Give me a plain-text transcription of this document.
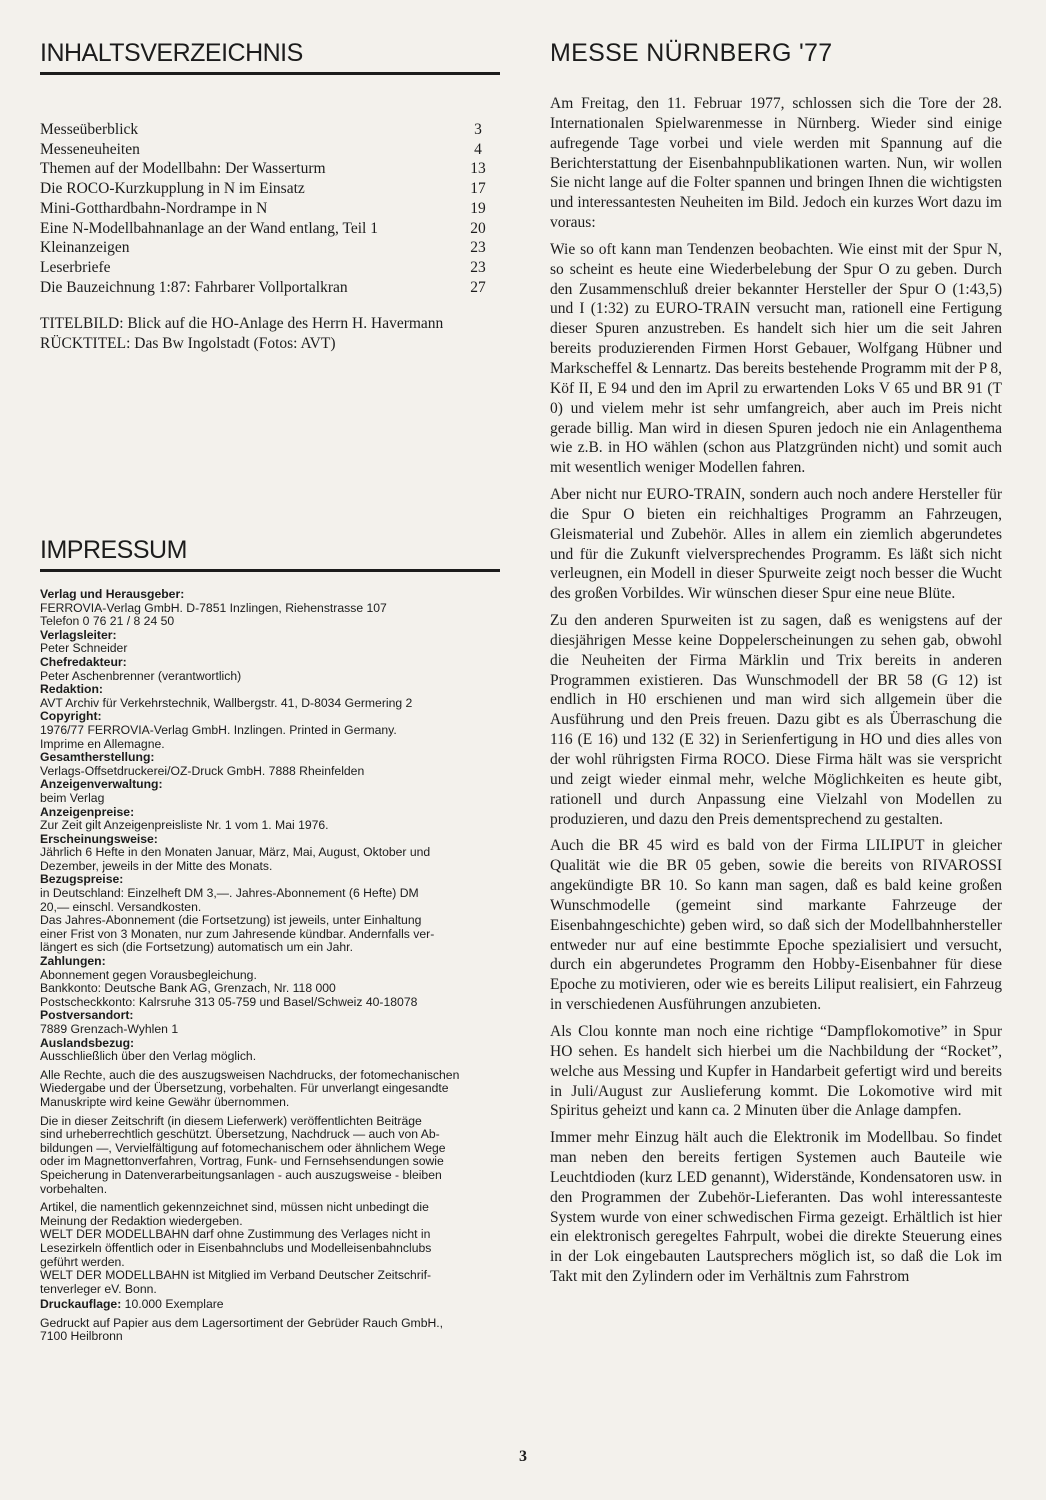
INHALTSVERZEICHNIS
Messeüberblick	3
Messeneuheiten	4
Themen auf der Modellbahn: Der Wasserturm	13
Die ROCO-Kurzkupplung in N im Einsatz	17
Mini-Gotthardbahn-Nordrampe in N	19
Eine N-Modellbahnanlage an der Wand entlang, Teil 1	20
Kleinanzeigen	23
Leserbriefe	23
Die Bauzeichnung 1:87: Fahrbarer Vollportalkran	27
TITELBILD: Blick auf die HO-Anlage des Herrn H. Havermann
RÜCKTITEL: Das Bw Ingolstadt (Fotos: AVT)
IMPRESSUM
Verlag und Herausgeber:
FERROVIA-Verlag GmbH. D-7851 Inzlingen, Riehenstrasse 107
Telefon 0 76 21 / 8 24 50
Verlagsleiter:
Peter Schneider
Chefredakteur:
Peter Aschenbrenner (verantwortlich)
Redaktion:
AVT Archiv für Verkehrstechnik, Wallbergstr. 41, D-8034 Germering 2
Copyright:
1976/77 FERROVIA-Verlag GmbH. Inzlingen. Printed in Germany.
Imprime en Allemagne.
Gesamtherstellung:
Verlags-Offsetdruckerei/OZ-Druck GmbH. 7888 Rheinfelden
Anzeigenverwaltung:
beim Verlag
Anzeigenpreise:
Zur Zeit gilt Anzeigenpreisliste Nr. 1 vom 1. Mai 1976.
Erscheinungsweise:
Jährlich 6 Hefte in den Monaten Januar, März, Mai, August, Oktober und
Dezember, jeweils in der Mitte des Monats.
Bezugspreise:
in Deutschland: Einzelheft DM 3,—. Jahres-Abonnement (6 Hefte) DM
20,— einschl. Versandkosten.
Das Jahres-Abonnement (die Fortsetzung) ist jeweils, unter Einhaltung
einer Frist von 3 Monaten, nur zum Jahresende kündbar. Andernfalls ver-
längert es sich (die Fortsetzung) automatisch um ein Jahr.
Zahlungen:
Abonnement gegen Vorausbegleichung.
Bankkonto: Deutsche Bank AG, Grenzach, Nr. 118 000
Postscheckkonto: Kalrsruhe 313 05-759 und Basel/Schweiz 40-18078
Postversandort:
7889 Grenzach-Wyhlen 1
Auslandsbezug:
Ausschließlich über den Verlag möglich.
Alle Rechte, auch die des auszugsweisen Nachdrucks, der fotomechanischen
Wiedergabe und der Übersetzung, vorbehalten. Für unverlangt eingesandte
Manuskripte wird keine Gewähr übernommen.
Die in dieser Zeitschrift (in diesem Lieferwerk) veröffentlichten Beiträge
sind urheberrechtlich geschützt. Übersetzung, Nachdruck — auch von Ab-
bildungen —, Vervielfältigung auf fotomechanischem oder ähnlichem Wege
oder im Magnettonverfahren, Vortrag, Funk- und Fernsehsendungen sowie
Speicherung in Datenverarbeitungsanlagen - auch auszugsweise - bleiben
vorbehalten.
Artikel, die namentlich gekennzeichnet sind, müssen nicht unbedingt die
Meinung der Redaktion wiedergeben.
WELT DER MODELLBAHN darf ohne Zustimmung des Verlages nicht in
Lesezirkeln öffentlich oder in Eisenbahnclubs und Modelleisenbahnclubs
geführt werden.
WELT DER MODELLBAHN ist Mitglied im Verband Deutscher Zeitschrif-
tenverleger eV. Bonn.
Druckauflage: 10.000 Exemplare
Gedruckt auf Papier aus dem Lagersortiment der Gebrüder Rauch GmbH.,
7100 Heilbronn
MESSE NÜRNBERG '77

Am Freitag, den 11. Februar 1977, schlossen sich die Tore der 28. Internationalen Spielwarenmesse in Nürnberg. Wieder sind einige aufregende Tage vorbei und viele werden mit Spannung auf die Berichterstattung der Eisenbahnpublikationen warten. Nun, wir wollen Sie nicht lange auf die Folter spannen und bringen Ihnen die wichtigsten und interessantesten Neuheiten im Bild. Jedoch ein kurzes Wort dazu im voraus:

Wie so oft kann man Tendenzen beobachten. Wie einst mit der Spur N, so scheint es heute eine Wiederbelebung der Spur O zu geben. Durch den Zusammenschluß dreier bekannter Hersteller der Spur O (1:43,5) und I (1:32) zu EURO-TRAIN versucht man, rationell eine Fertigung dieser Spuren anzustreben. Es handelt sich hier um die seit Jahren bereits produzierenden Firmen Horst Gebauer, Wolfgang Hübner und Markscheffel & Lennartz. Das bereits bestehende Programm mit der P 8, Köf II, E 94 und den im April zu erwartenden Loks V 65 und BR 91 (T 0) und vielem mehr ist sehr umfangreich, aber auch im Preis nicht gerade billig. Man wird in diesen Spuren jedoch nie ein Anlagenthema wie z.B. in HO wählen (schon aus Platzgründen nicht) und somit auch mit wesentlich weniger Modellen fahren.

Aber nicht nur EURO-TRAIN, sondern auch noch andere Hersteller für die Spur O bieten ein reichhaltiges Programm an Fahrzeugen, Gleismaterial und Zubehör. Alles in allem ein ziemlich abgerundetes und für die Zukunft vielversprechendes Programm. Es läßt sich nicht verleugnen, ein Modell in dieser Spurweite zeigt noch besser die Wucht des großen Vorbildes. Wir wünschen dieser Spur eine neue Blüte.

Zu den anderen Spurweiten ist zu sagen, daß es wenigstens auf der diesjährigen Messe keine Doppelerscheinungen zu sehen gab, obwohl die Neuheiten der Firma Märklin und Trix bereits in anderen Programmen existieren. Das Wunschmodell der BR 58 (G 12) ist endlich in H0 erschienen und man wird sich allgemein über die Ausführung und den Preis freuen. Dazu gibt es als Überraschung die 116 (E 16) und 132 (E 32) in Serienfertigung in HO und dies alles von der wohl rührigsten Firma ROCO. Diese Firma hält was sie verspricht und zeigt wieder einmal mehr, welche Möglichkeiten es heute gibt, rationell und durch Anpassung eine Vielzahl von Modellen zu produzieren, und dazu den Preis dementsprechend zu gestalten.

Auch die BR 45 wird es bald von der Firma LILIPUT in gleicher Qualität wie die BR 05 geben, sowie die bereits von RIVAROSSI angekündigte BR 10. So kann man sagen, daß es bald keine großen Wunschmodelle (gemeint sind markante Fahrzeuge der Eisenbahngeschichte) geben wird, so daß sich der Modellbahnhersteller entweder nur auf eine bestimmte Epoche spezialisiert und versucht, durch ein abgerundetes Programm den Hobby-Eisenbahner für diese Epoche zu motivieren, oder wie es bereits Liliput realisiert, ein Fahrzeug in verschiedenen Ausführungen anzubieten.

Als Clou konnte man noch eine richtige “Dampflokomotive” in Spur HO sehen. Es handelt sich hierbei um die Nachbildung der “Rocket”, welche aus Messing und Kupfer in Handarbeit gefertigt wird und bereits in Juli/August zur Auslieferung kommt. Die Lokomotive wird mit Spiritus geheizt und kann ca. 2 Minuten über die Anlage dampfen.

Immer mehr Einzug hält auch die Elektronik im Modellbau. So findet man neben den bereits fertigen Systemen auch Bauteile wie Leuchtdioden (kurz LED genannt), Widerstände, Kondensatoren usw. in den Programmen der Zubehör-Lieferanten. Das wohl interessanteste System wurde von einer schwedischen Firma gezeigt. Erhältlich ist hier ein elektronisch geregeltes Fahrpult, wobei die direkte Steuerung eines in der Lok eingebauten Lautsprechers möglich ist, so daß die Lok im Takt mit den Zylindern oder im Verhältnis zum Fahrstrom

3
